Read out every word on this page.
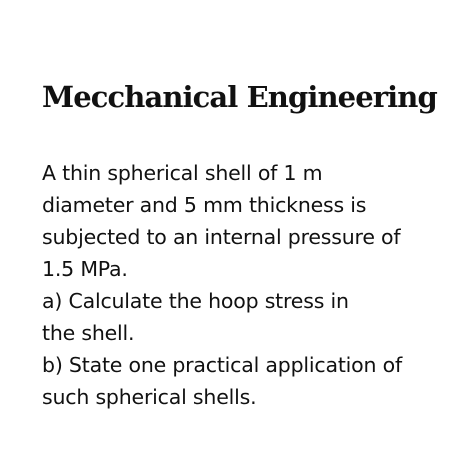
Mecchanical Engineering
A thin spherical shell of 1 m
diameter and 5 mm thickness is
subjected to an internal pressure of
1.5 MPa.
a) Calculate the hoop stress in
the shell.
b) State one practical application of
such spherical shells.
